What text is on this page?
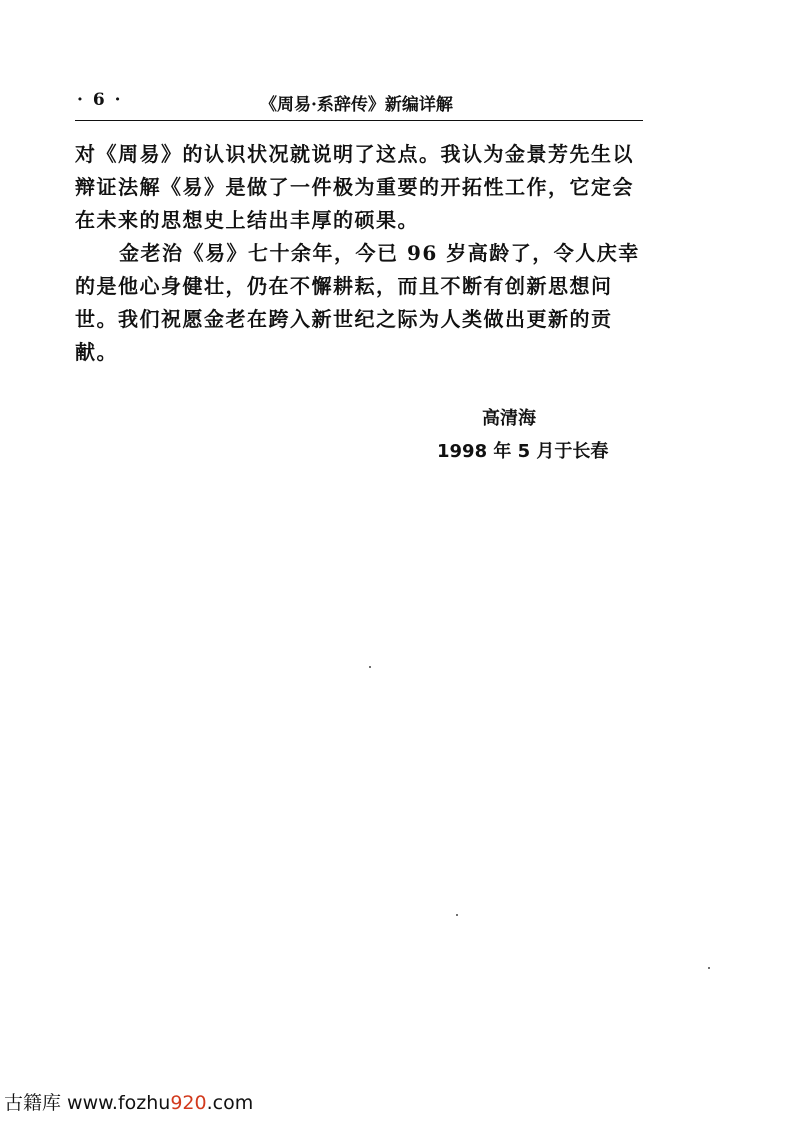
· 6 ·	《周易·系辞传》新编详解

对《周易》的认识状况就说明了这点。我认为金景芳先生以辩证法解《易》是做了一件极为重要的开拓性工作，它定会在未来的思想史上结出丰厚的硕果。

金老治《易》七十余年，今已 96 岁高龄了，令人庆幸的是他心身健壮，仍在不懈耕耘，而且不断有创新思想问世。我们祝愿金老在跨入新世纪之际为人类做出更新的贡献。

高清海
1998 年 5 月于长春
古籍库 www.fozhu920.com
